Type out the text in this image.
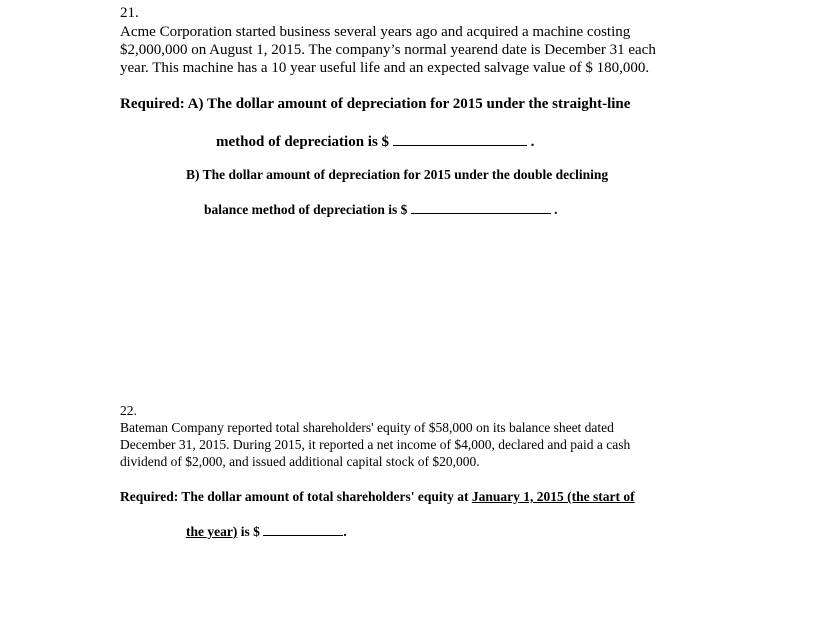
21.
Acme Corporation started business several years ago and acquired a machine costing
$2,000,000 on August 1, 2015. The company’s normal yearend date is December 31 each
year. This machine has a 10 year useful life and an expected salvage value of $ 180,000.
Required: A) The dollar amount of depreciation for 2015 under the straight-line
method of depreciation is $	.
B) The dollar amount of depreciation for 2015 under the double declining
balance method of depreciation is $	.
22.
Bateman Company reported total shareholders' equity of $58,000 on its balance sheet dated
December 31, 2015. During 2015, it reported a net income of $4,000, declared and paid a cash
dividend of $2,000, and issued additional capital stock of $20,000.
Required: The dollar amount of total shareholders' equity at January 1, 2015 (the start of
the year) is $	.
